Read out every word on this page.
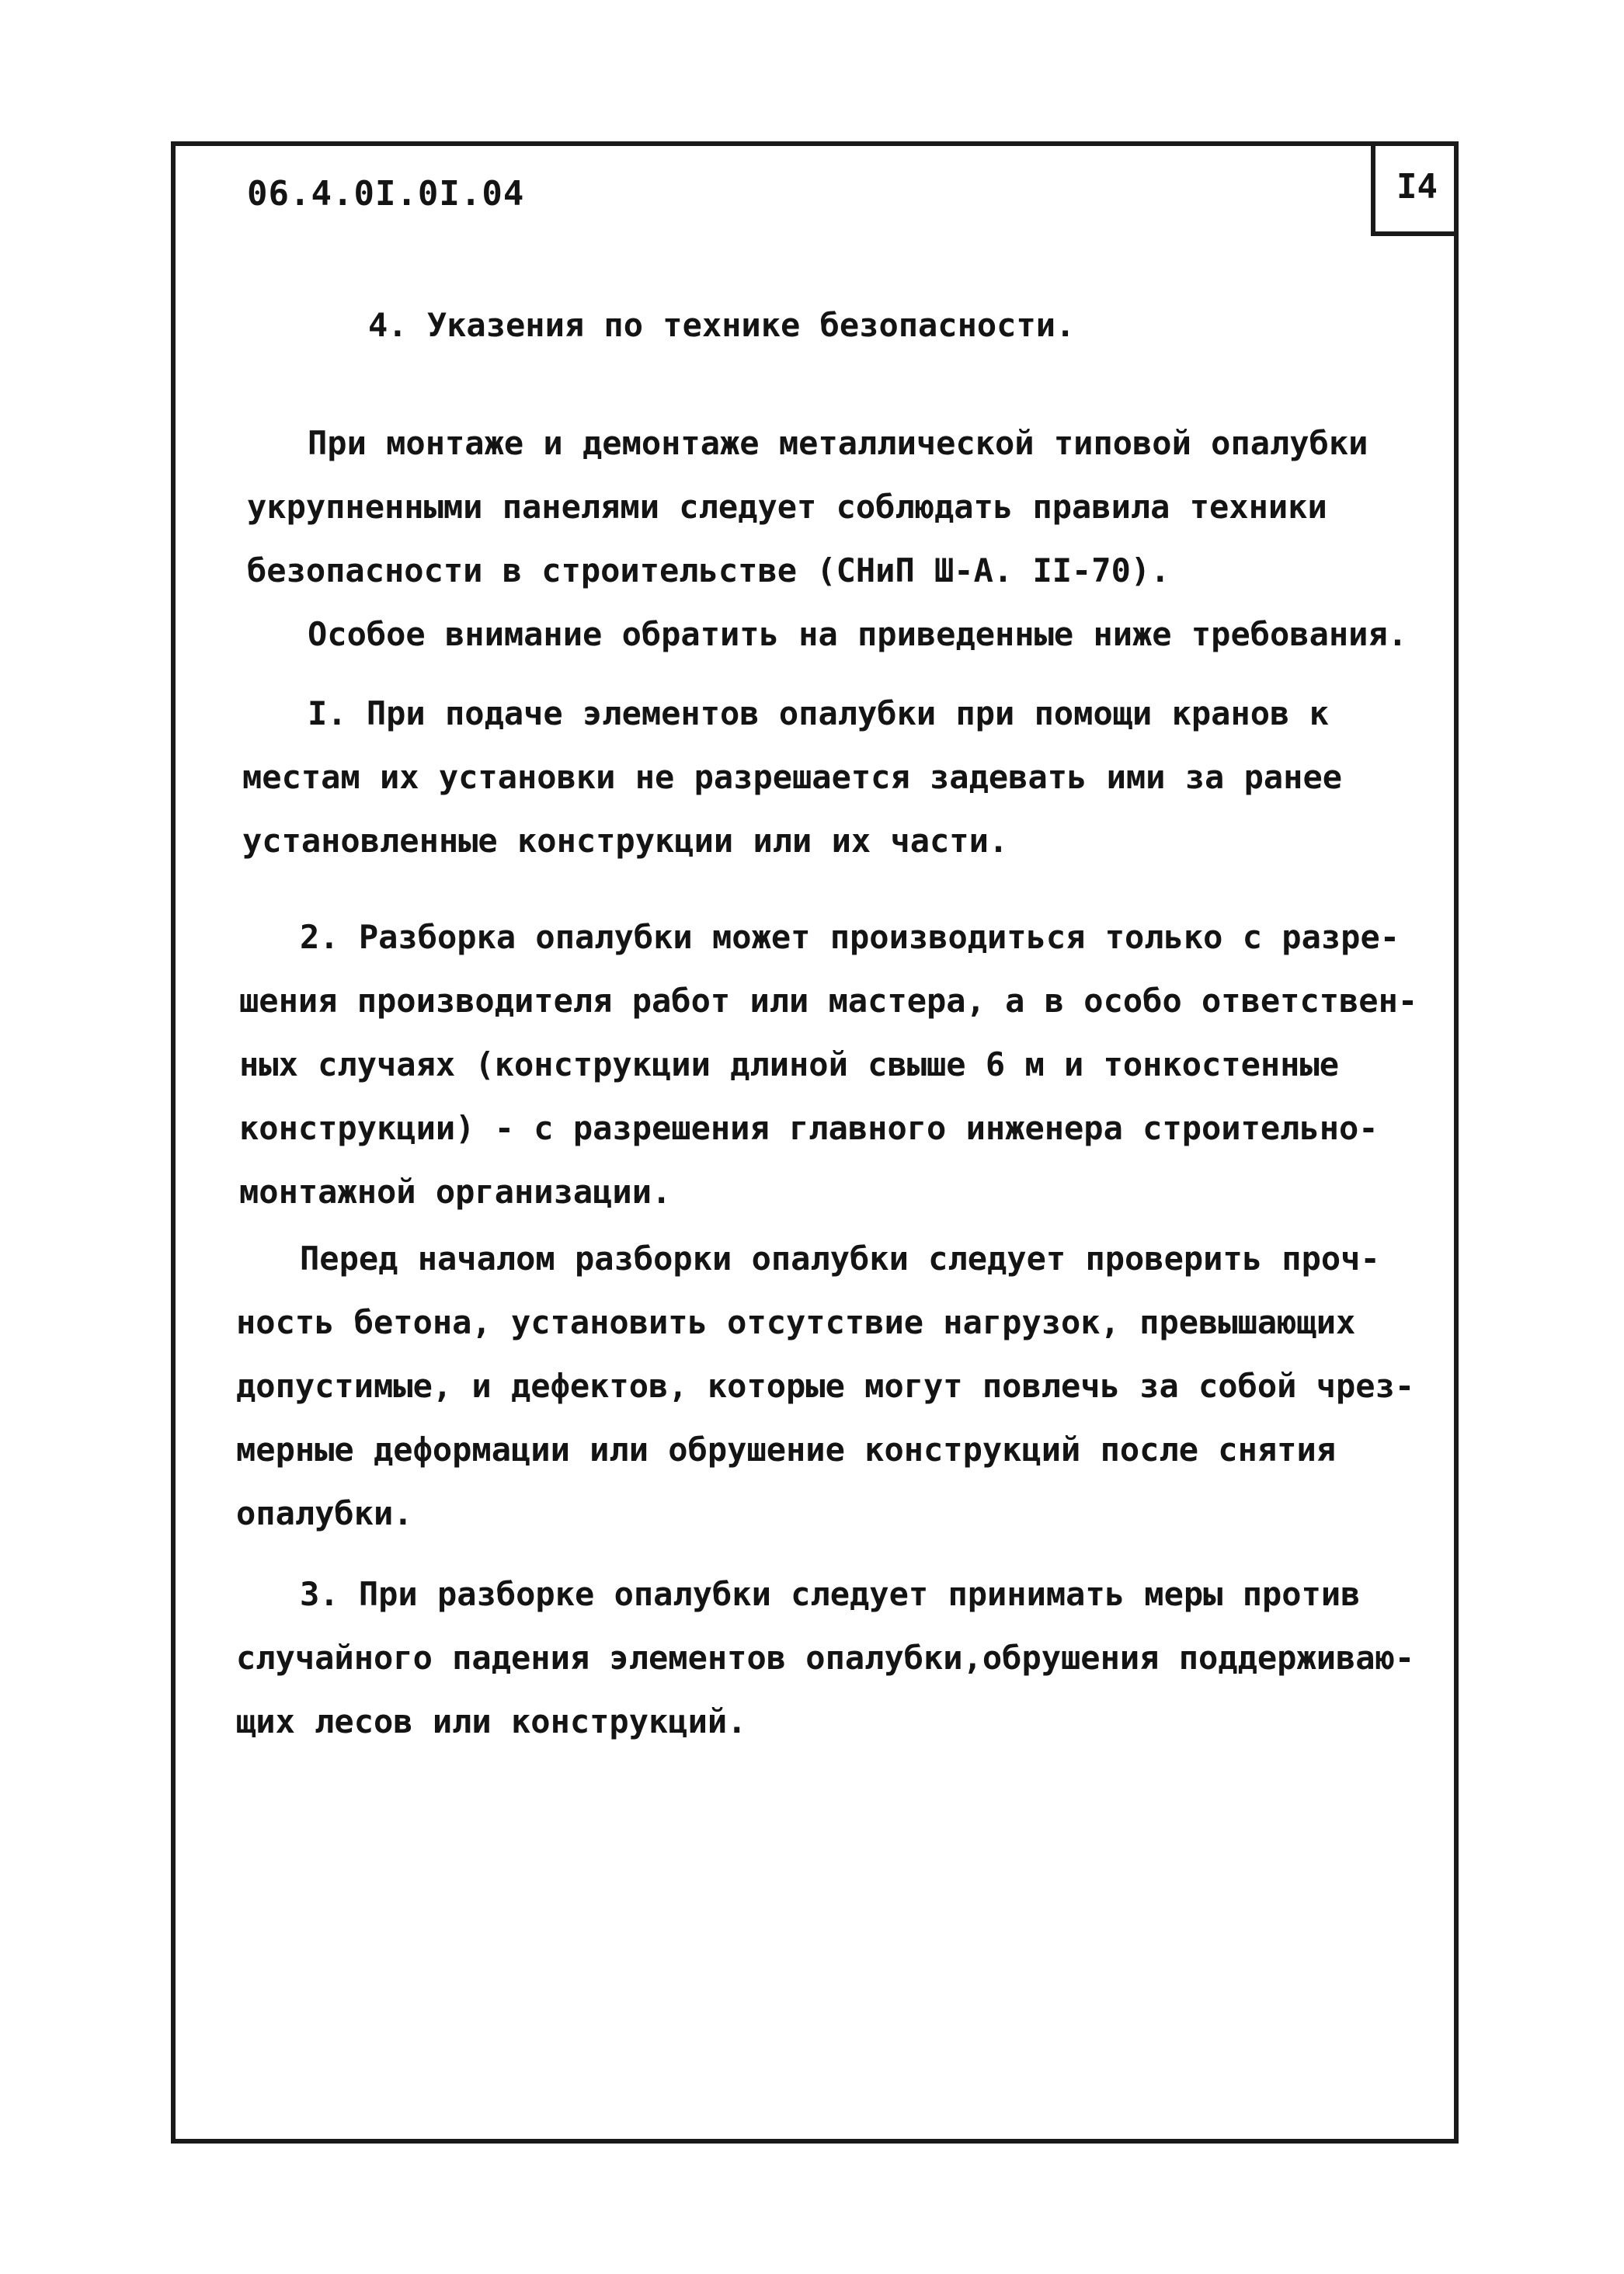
06.4.0I.0I.04	I4
4. Указения по технике безопасности.
При монтаже и демонтаже металлической типовой опалубки
укрупненными панелями следует соблюдать правила техники
безопасности в строительстве (СНиП Ш-А. II-70).
Особое внимание обратить на приведенные ниже требования.
I. При подаче элементов опалубки при помощи кранов к
местам их установки не разрешается задевать ими за ранее
установленные конструкции или их части.
2. Разборка опалубки может производиться только с разре-
шения производителя работ или мастера, а в особо ответствен-
ных случаях (конструкции длиной свыше 6 м и тонкостенные
конструкции) - с разрешения главного инженера строительно-
монтажной организации.
Перед началом разборки опалубки следует проверить проч-
ность бетона, установить отсутствие нагрузок, превышающих
допустимые, и дефектов, которые могут повлечь за собой чрез-
мерные деформации или обрушение конструкций после снятия
опалубки.
3. При разборке опалубки следует принимать меры против
случайного падения элементов опалубки,обрушения поддерживаю-
щих лесов или конструкций.
